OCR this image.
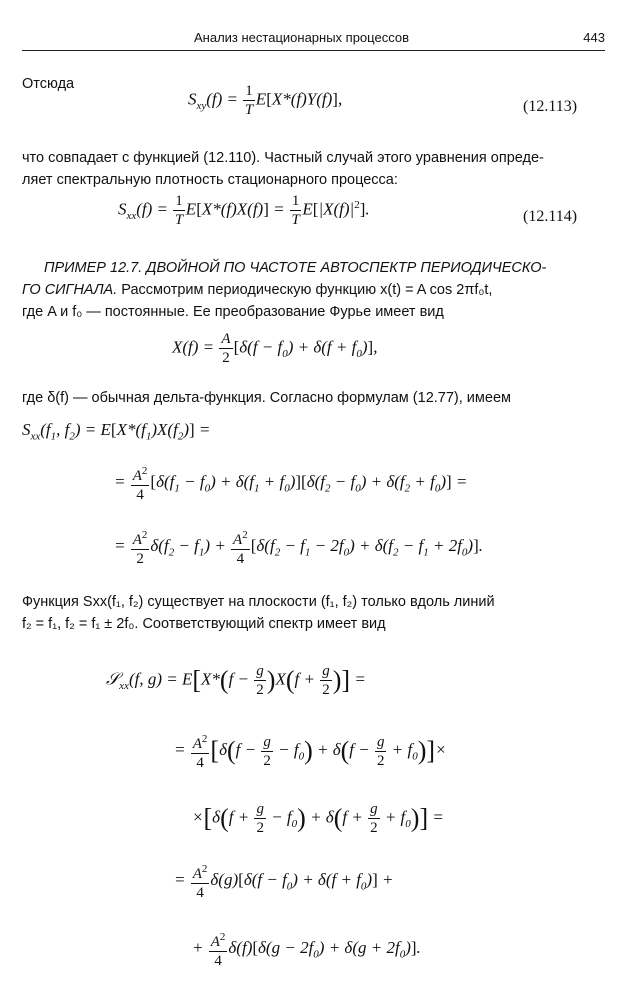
Анализ нестационарных процессов	443
Отсюда
$S_{xy}(f) = \frac{1}{T} E[X*(f)Y(f)]$,	(12.113)
что совпадает с функцией (12.110). Частный случай этого уравнения опреде-
ляет спектральную плотность стационарного процесса:
$S_{xx}(f) = \frac{1}{T} E[X*(f)X(f)] = \frac{1}{T} E[|X(f)|^2]$.	(12.114)
ПРИМЕР 12.7. ДВОЙНОЙ ПО ЧАСТОТЕ АВТОСПЕКТР ПЕРИОДИЧЕСКО-
ГО СИГНАЛА. Рассмотрим периодическую функцию x(t) = A cos 2πf₀t,
где A и f₀ — постоянные. Ее преобразование Фурье имеет вид
$X(f) = \frac{A}{2} [\delta(f - f_0) + \delta(f + f_0)]$,
где δ(f) — обычная дельта-функция. Согласно формулам (12.77), имеем
$S_{xx}(f_1$, $f_2) = E[X*(f_1)X(f_2)]$ =
= $\frac{A^2}{4} [\delta(f_1 - f_0) + \delta(f_1 + f_0)][\delta(f_2 - f_0) + \delta(f_2 + f_0)]$ =
= $\frac{A^2}{2} \delta(f_2 - f_1) + \frac{A^2}{4} [\delta(f_2 - f_1 - 2f_0) + \delta(f_2 - f_1 + 2f_0)]$.
Функция Sxx(f₁, f₂) существует на плоскости (f₁, f₂) только вдоль линий
f₂ = f₁, f₂ = f₁ ± 2f₀. Соответствующий спектр имеет вид
𝒮$_{xx}$(f, $g) = E[X*(f - \frac{g}{2} )X(f + \frac{g}{2}$ )] =
= $\frac{A^2}{4} [\delta(f - \frac{g}{2} - f_0) + \delta(f - \frac{g}{2} + f_0)]\times$
$\times[\delta(f + \frac{g}{2} - f_0) + \delta(f + \frac{g}{2} + f_0)]$ =
= $\frac{A^2}{4} \delta(g)[\delta(f - f_0) + \delta(f + f_0)]$ +
+ $\frac{A^2}{4} \delta(f)[\delta(g - 2f_0) + \delta(g + 2f_0)]$.
